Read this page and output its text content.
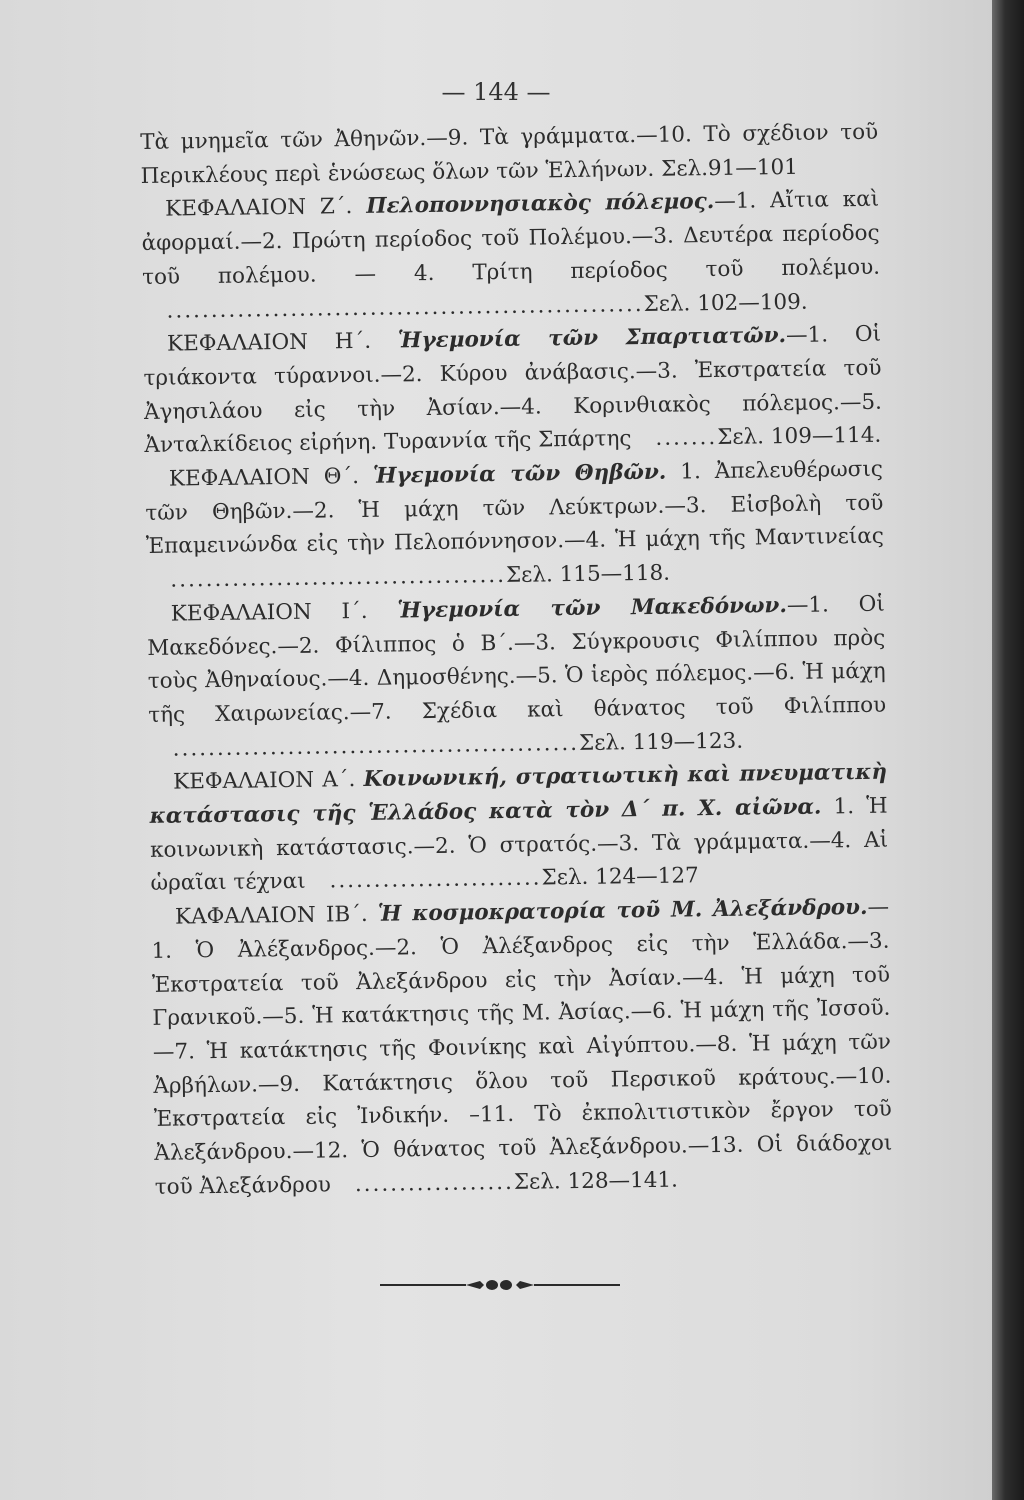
— 144 —

Τὰ μνημεῖα τῶν Ἀθηνῶν.—9. Τὰ γράμματα.—10. Τὸ σχέδιον τοῦ Περικλέους περὶ ἑνώσεως ὅλων τῶν Ἑλλήνων. Σελ.91—101

ΚΕΦΑΛΑΙΟΝ Ζ΄. Πελοποννησιακὸς πόλεμος.—1. Αἴτια καὶ ἀφορμαί.—2. Πρώτη περίοδος τοῦ Πολέμου.—3. Δευτέρα περίοδος τοῦ πολέμου. — 4. Τρίτη περίοδος τοῦ πολέμου. ......................................................Σελ. 102—109.

ΚΕΦΑΛΑΙΟΝ Η΄. Ἡγεμονία τῶν Σπαρτιατῶν.—1. Οἱ τριάκοντα τύραννοι.—2. Κύρου ἀνάβασις.—3. Ἐκστρατεία τοῦ Ἀγησιλάου εἰς τὴν Ἀσίαν.—4. Κορινθιακὸς πόλεμος.—5. Ἀνταλκίδειος εἰρήνη. Τυραννία τῆς Σπάρτης .......Σελ. 109—114.

ΚΕΦΑΛΑΙΟΝ Θ΄. Ἡγεμονία τῶν Θηβῶν. 1. Ἀπελευθέρωσις τῶν Θηβῶν.—2. Ἡ μάχη τῶν Λεύκτρων.—3. Εἰσβολὴ τοῦ Ἐπαμεινώνδα εἰς τὴν Πελοπόννησον.—4. Ἡ μάχη τῆς Μαντινείας......................................Σελ. 115—118.

ΚΕΦΑΛΑΙΟΝ Ι΄. Ἡγεμονία τῶν Μακεδόνων.—1. Οἱ Μακεδόνες.—2. Φίλιππος ὁ Β΄.—3. Σύγκρουσις Φιλίππου πρὸς τοὺς Ἀθηναίους.—4. Δημοσθένης.—5. Ὁ ἱερὸς πόλεμος.—6. Ἡ μάχη τῆς Χαιρωνείας.—7. Σχέδια καὶ θάνατος τοῦ Φιλίππου..............................................Σελ. 119—123.

ΚΕΦΑΛΑΙΟΝ Α΄. Κοινωνική, στρατιωτικὴ καὶ πνευματικὴ κατάστασις τῆς Ἑλλάδος κατὰ τὸν Δ΄ π. Χ. αἰῶνα. 1. Ἡ κοινωνικὴ κατάστασις.—2. Ὁ στρατός.—3. Τὰ γράμματα.—4. Αἱ ὡραῖαι τέχναι ........................Σελ. 124—127

ΚΑΦΑΛΑΙΟΝ ΙΒ΄. Ἡ κοσμοκρατορία τοῦ Μ. Ἀλεξάνδρου.—1. Ὁ Ἀλέξανδρος.—2. Ὁ Ἀλέξανδρος εἰς τὴν Ἑλλάδα.—3. Ἐκστρατεία τοῦ Ἀλεξάνδρου εἰς τὴν Ἀσίαν.—4. Ἡ μάχη τοῦ Γρανικοῦ.—5. Ἡ κατάκτησις τῆς Μ. Ἀσίας.—6. Ἡ μάχη τῆς Ἰσσοῦ.—7. Ἡ κατάκτησις τῆς Φοινίκης καὶ Αἰγύπτου.—8. Ἡ μάχη τῶν Ἀρβήλων.—9. Κατάκτησις ὅλου τοῦ Περσικοῦ κράτους.—10. Ἐκστρατεία εἰς Ἰνδικήν. –11. Τὸ ἐκπολιτιστικὸν ἔργον τοῦ Ἀλεξάνδρου.—12. Ὁ θάνατος τοῦ Ἀλεξάνδρου.—13. Οἱ διάδοχοι τοῦ Ἀλεξάνδρου ..................Σελ. 128—141.
